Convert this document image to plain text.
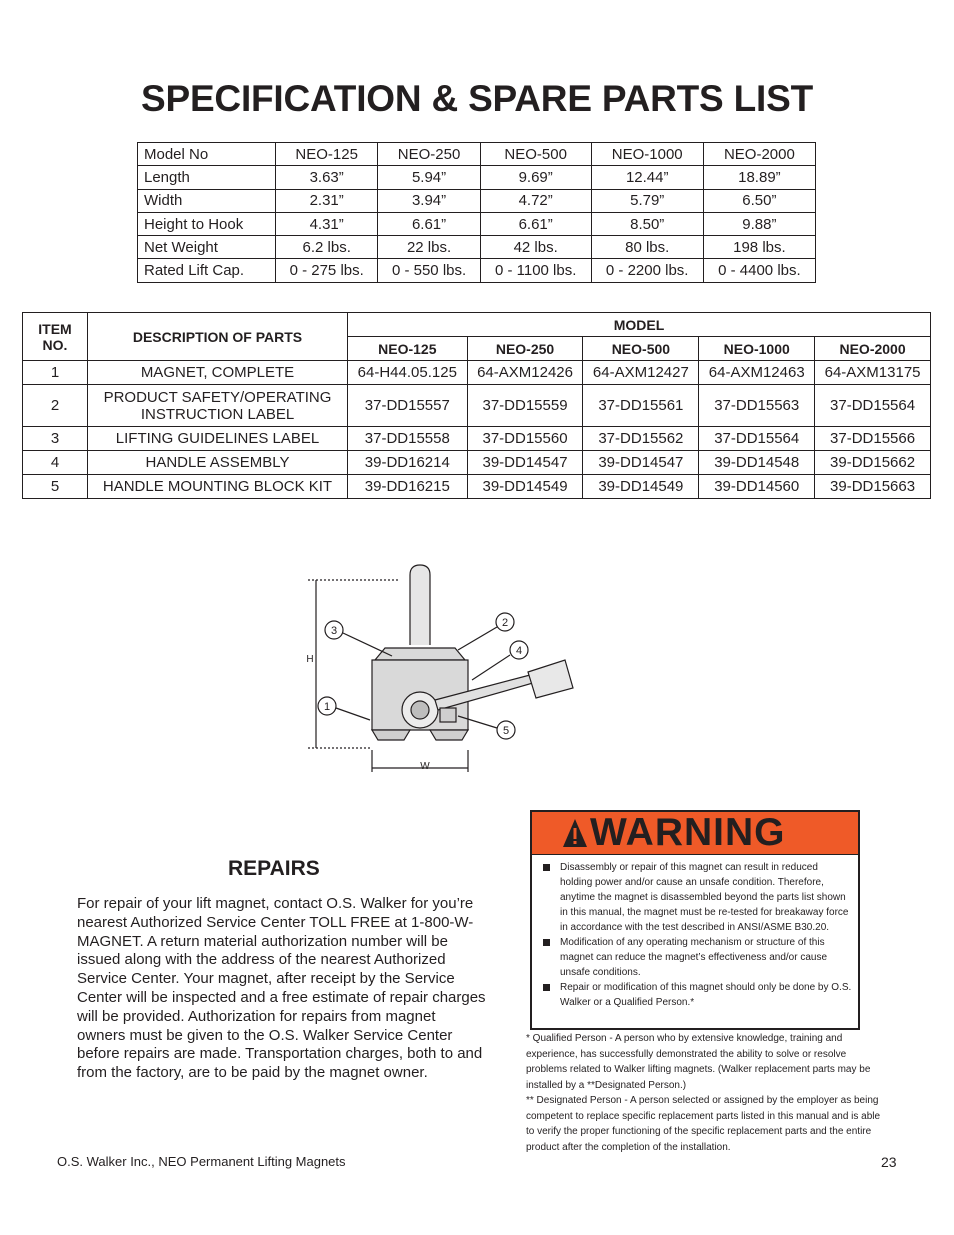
SPECIFICATION & SPARE PARTS LIST
Model No	NEO-125	NEO-250	NEO-500	NEO-1000	NEO-2000
Length	3.63”	5.94”	9.69”	12.44”	18.89”
Width	2.31”	3.94”	4.72”	5.79”	6.50”
Height to Hook	4.31”	6.61”	6.61”	8.50”	9.88”
Net Weight	6.2 lbs.	22 lbs.	42 lbs.	80 lbs.	198 lbs.
Rated Lift Cap.	0 - 275 lbs.	0 - 550 lbs.	0 - 1100 lbs.	0 - 2200 lbs.	0 - 4400 lbs.
ITEM NO.	DESCRIPTION OF PARTS	MODEL				
		NEO-125	NEO-250	NEO-500	NEO-1000	NEO-2000
1	MAGNET, COMPLETE	64-H44.05.125	64-AXM12426	64-AXM12427	64-AXM12463	64-AXM13175
2	PRODUCT SAFETY/OPERATING INSTRUCTION LABEL	37-DD15557	37-DD15559	37-DD15561	37-DD15563	37-DD15564
3	LIFTING GUIDELINES LABEL	37-DD15558	37-DD15560	37-DD15562	37-DD15564	37-DD15566
4	HANDLE ASSEMBLY	39-DD16214	39-DD14547	39-DD14547	39-DD14548	39-DD15662
5	HANDLE MOUNTING BLOCK KIT	39-DD16215	39-DD14549	39-DD14549	39-DD14560	39-DD15663
3
2
4
1
5
H
W
REPAIRS
For repair of your lift magnet, contact O.S. Walker for you’re nearest Authorized Service Center TOLL FREE at 1-800-W-MAGNET. A return material authorization number will be issued along with the address of the nearest Authorized Service Center. Your magnet, after receipt by the Service Center will be inspected and a free estimate of repair charges will be provided. Authorization for repairs from magnet owners must be given to the O.S. Walker Service Center before repairs are made. Transportation charges, both to and from the factory, are to be paid by the magnet owner.
WARNING
Disassembly or repair of this magnet can result in reduced holding power and/or cause an unsafe condition. Therefore, anytime the magnet is disassembled beyond the parts list shown in this manual, the magnet must be re-tested for breakaway force in accordance with the test described in ANSI/ASME B30.20.
Modification of any operating mechanism or structure of this magnet can reduce the magnet’s effectiveness and/or cause unsafe conditions.
Repair or modification of this magnet should only be done by O.S. Walker or a Qualified Person.*
* Qualified Person - A person who by extensive knowledge, training and experience, has successfully demonstrated the ability to solve or resolve problems related to Walker lifting magnets. (Walker replacement parts may be installed by a **Designated Person.)
** Designated Person - A person selected or assigned by the employer as being competent to replace specific replacement parts listed in this manual and is able to verify the proper functioning of the specific replacement parts and the entire product after the completion of the installation.
O.S. Walker Inc., NEO Permanent Lifting Magnets	23
